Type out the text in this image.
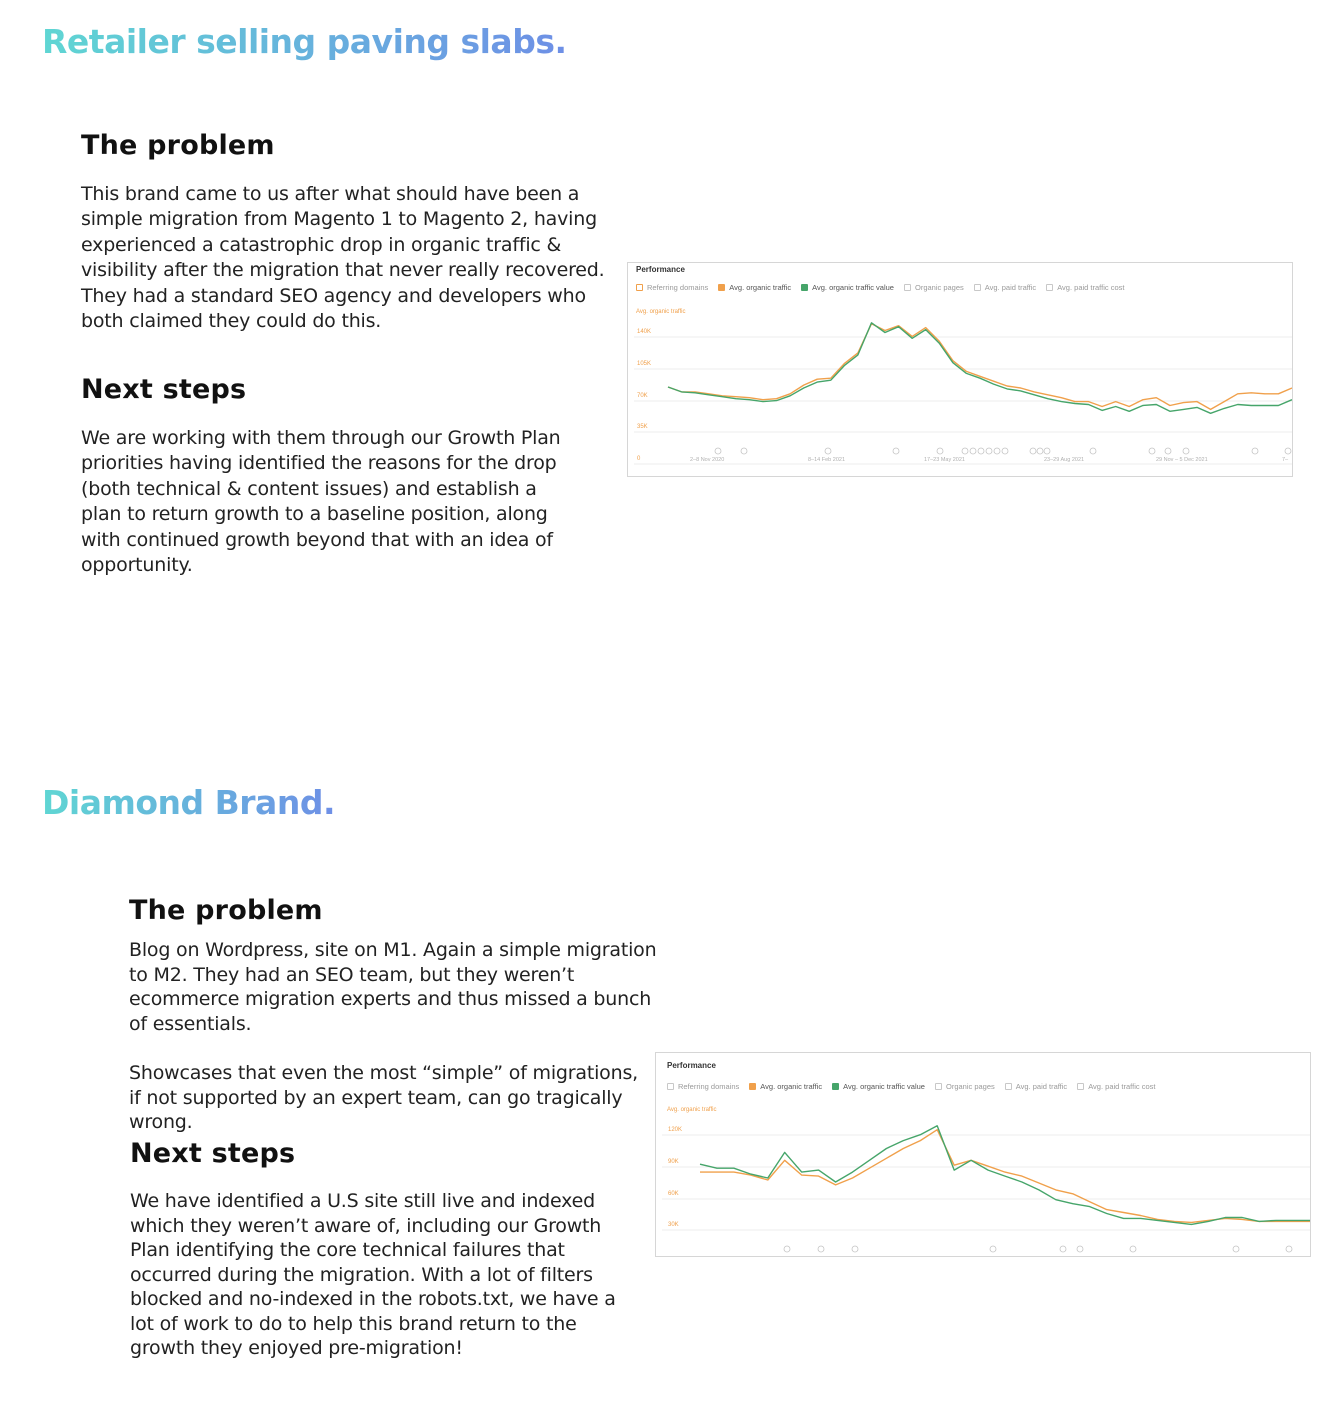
Retailer selling paving slabs.
The problem

This brand came to us after what should have been a simple migration from Magento 1 to Magento 2, having experienced a catastrophic drop in organic traffic & visibility after the migration that never really recovered. They had a standard SEO agency and developers who both claimed they could do this.

Next steps

We are working with them through our Growth Plan priorities having identified the reasons for the drop (both technical & content issues) and establish a plan to return growth to a baseline position, along with continued growth beyond that with an idea of opportunity.

Performance
Referring domains	Avg. organic traffic	Avg. organic traffic value	Organic pages	Avg. paid traffic	Avg. paid traffic cost
Avg. organic traffic
140K
105K
70K
35K
0	2–8 Nov 2020	8–14 Feb 2021	17–23 May 2021	23–29 Aug 2021	29 Nov – 5 Dec 2021	7–
Diamond Brand.
The problem

Blog on Wordpress, site on M1. Again a simple migration to M2. They had an SEO team, but they weren’t ecommerce migration experts and thus missed a bunch of essentials.

Showcases that even the most “simple” of migrations, if not supported by an expert team, can go tragically wrong.

Next steps

We have identified a U.S site still live and indexed which they weren’t aware of, including our Growth Plan identifying the core technical failures that occurred during the migration. With a lot of filters blocked and no-indexed in the robots.txt, we have a lot of work to do to help this brand return to the growth they enjoyed pre-migration!

Performance
Referring domains	Avg. organic traffic	Avg. organic traffic value	Organic pages	Avg. paid traffic	Avg. paid traffic cost
Avg. organic traffic
120K
90K
60K
30K
